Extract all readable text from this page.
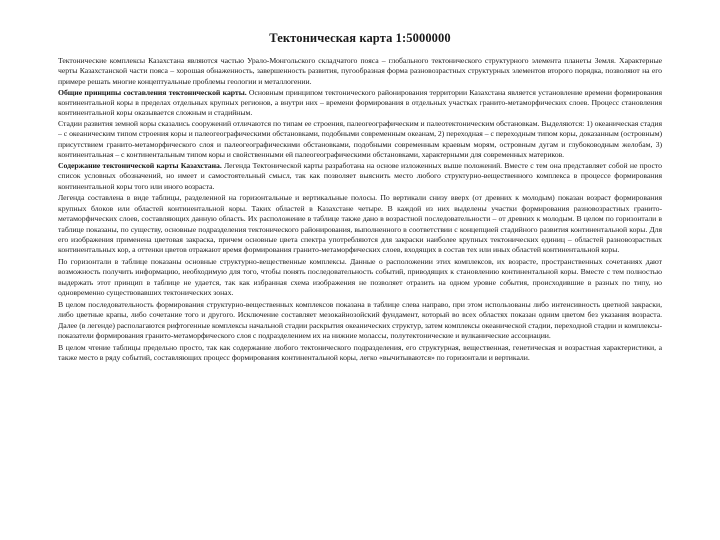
Тектоническая карта 1:5000000

Тектонические комплексы Казахстана являются частью Урало-Монгольского складчатого пояса – глобального тектонического структурного элемента планеты Земля. Характерные черты Казахстанской части пояса – хорошая обнаженность, завершенность развития, пугообразная форма разновозрастных структурных элементов второго порядка, позволяют на его примере решать многие концептуальные проблемы геологии и металлогении.

Общие принципы составления тектонической карты. Основным принципом тектонического районирования территории Казахстана является установление времени формирования континентальной коры в пределах отдельных крупных регионов, а внутри них – времени формирования в отдельных участках гранито-метаморфических слоев. Процесс становления континентальной коры оказывается сложным и стадийным.

Стадии развития земной коры сказались сооружений отличаются по типам ее строения, палеогеографическим и палеотектоническим обстановкам. Выделяются: 1) океаническая стадия – с океаническим типом строения коры и палеогеографическими обстановками, подобными современным океанам, 2) переходная – с переходным типом коры, доказанным (островным) присутствием гранито-метаморфического слоя и палеогеографическими обстановками, подобными современным краевым морям, островным дугам и глубоководным желобам, 3) континентальная – с континентальным типом коры и свойственными ей палеогеографическими обстановками, характерными для современных материков.

Содержание тектонической карты Казахстана. Легенда Тектонической карты разработана на основе изложенных выше положений. Вместе с тем она представляет собой не просто список условных обозначений, но имеет и самостоятельный смысл, так как позволяет выяснить место любого структурно-вещественного комплекса в процессе формирования континентальной коры того или иного возраста.

Легенда составлена в виде таблицы, разделенной на горизонтальные и вертикальные полосы. По вертикали снизу вверх (от древних к молодым) показан возраст формирования крупных блоков или областей континентальной коры. Таких областей в Казахстане четыре. В каждой из них выделены участки формирования разновозрастных гранито-метаморфических слоев, составляющих данную область. Их расположение в таблице также дано в возрастной последовательности – от древних к молодым. В целом по горизонтали в таблице показаны, по существу, основные подразделения тектонического районирования, выполненного в соответствии с концепцией стадийного развития континентальной коры. Для его изображения применена цветовая закраска, причем основные цвета спектра употребляются для закраски наиболее крупных тектонических единиц – областей разновозрастных континентальных кор, а оттенки цветов отражают время формирования гранито-метаморфических слоев, входящих в состав тех или иных областей континентальной коры.

По горизонтали в таблице показаны основные структурно-вещественные комплексы. Данные о расположении этих комплексов, их возрасте, пространственных сочетаниях дают возможность получить информацию, необходимую для того, чтобы понять последовательность событий, приводящих к становлению континентальной коры. Вместе с тем полностью выдержать этот принцип в таблице не удается, так как избранная схема изображения не позволяет отразить на одном уровне события, происходившие в разных по типу, но одновременно существовавших тектонических зонах.

В целом последовательность формирования структурно-вещественных комплексов показана в таблице слева направо, при этом использованы либо интенсивность цветной закраски, либо цветные крапы, либо сочетание того и другого. Исключение составляет мезокайнозойский фундамент, который во всех областях показан одним цветом без указания возраста. Далее (в легенде) располагаются рифтогенные комплексы начальной стадии раскрытия океанических структур, затем комплексы океанической стадии, переходной стадии и комплексы-показатели формирования гранито-метаморфического слоя с подразделением их на нижние молассы, полутектонические и вулканические ассоциации.

В целом чтение таблицы предельно просто, так как содержание любого тектонического подразделения, его структурная, вещественная, генетическая и возрастная характеристики, а также место в ряду событий, составляющих процесс формирования континентальной коры, легко «вычитываются» по горизонтали и вертикали.
